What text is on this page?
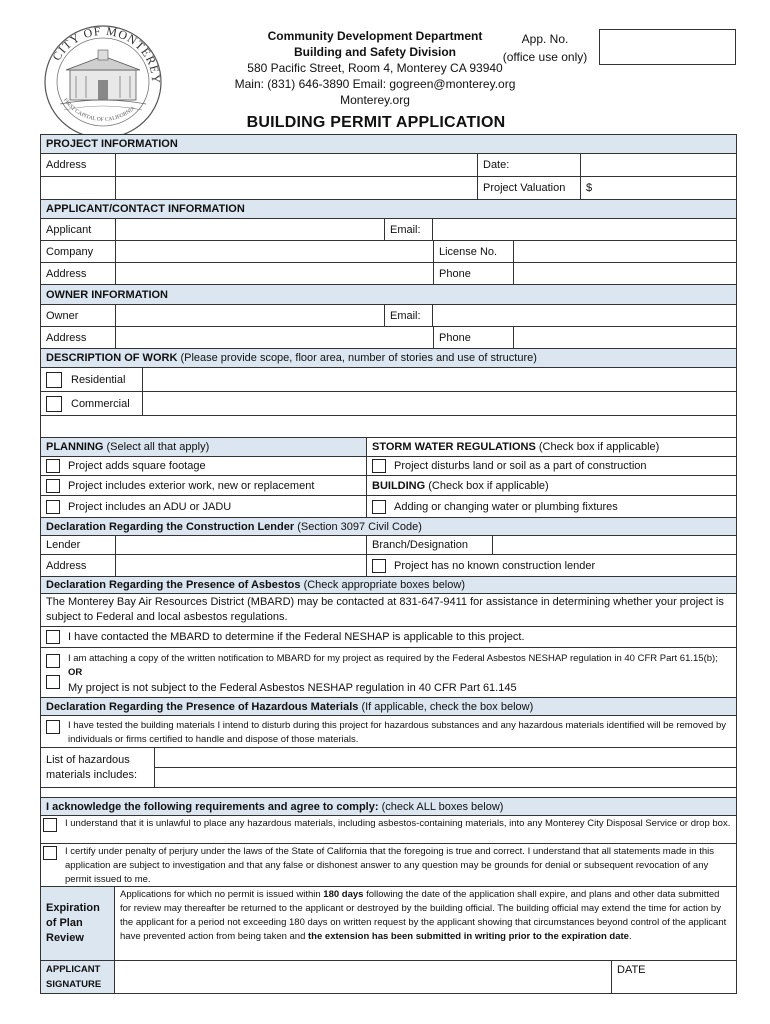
CITY OF MONTEREY
FIRST CAPITAL OF CALIFORNIA
Community Development Department
Building and Safety Division
580 Pacific Street, Room 4, Monterey CA 93940
Main: (831) 646-3890 Email: gogreen@monterey.org
Monterey.org
App. No.
(office use only)
BUILDING PERMIT APPLICATION
PROJECT INFORMATION
Address	Date:
Project Valuation	$
APPLICANT/CONTACT INFORMATION
Applicant	Email:
Company	License No.
Address	Phone
OWNER INFORMATION
Owner	Email:
Address	Phone
DESCRIPTION OF WORK
(Please provide scope, floor area, number of stories and use of structure)
Residential
Commercial
PLANNING
(Select all that apply)	STORM WATER REGULATIONS
(Check box if applicable)
Project adds square footage	Project disturbs land or soil as a part of construction
Project includes exterior work, new or replacement	BUILDING
(Check box if applicable)
Project includes an ADU or JADU	Adding or changing water or plumbing fixtures
Declaration Regarding the Construction Lender
(Section 3097 Civil Code)
Lender	Branch/Designation
Address	Project has no known construction lender
Declaration Regarding the Presence of Asbestos
(Check appropriate boxes below)
The Monterey Bay Air Resources District (MBARD) may be contacted at 831-647-9411 for assistance in determining whether your project is subject to Federal and local asbestos regulations.
I have contacted the MBARD to determine if the Federal NESHAP is applicable to this project.
I am attaching a copy of the written notification to MBARD for my project as required by the Federal Asbestos NESHAP regulation in 40 CFR Part 61.15(b); OR
My project is not subject to the Federal Asbestos NESHAP regulation in 40 CFR Part 61.145
Declaration Regarding the Presence of Hazardous Materials
(If applicable, check the box below)
I have tested the building materials I intend to disturb during this project for hazardous substances and any hazardous materials identified will be removed by individuals or firms certified to handle and dispose of those materials.
List of hazardous materials includes:
I acknowledge the following requirements and agree to comply:
(check ALL boxes below)
I understand that it is unlawful to place any hazardous materials, including asbestos-containing materials, into any Monterey City Disposal Service or drop box.
I certify under penalty of perjury under the laws of the State of California that the foregoing is true and correct. I understand that all statements made in this application are subject to investigation and that any false or dishonest answer to any question may be grounds for denial or subsequent revocation of any permit issued to me.
Expiration of Plan Review
Applications for which no permit is issued within 180 days following the date of the application shall expire, and plans and other data submitted for review may thereafter be returned to the applicant or destroyed by the building official. The building official may extend the time for action by the applicant for a period not exceeding 180 days on written request by the applicant showing that circumstances beyond control of the applicant have prevented action from being taken and the extension has been submitted in writing prior to the expiration date.
APPLICANT SIGNATURE
DATE
